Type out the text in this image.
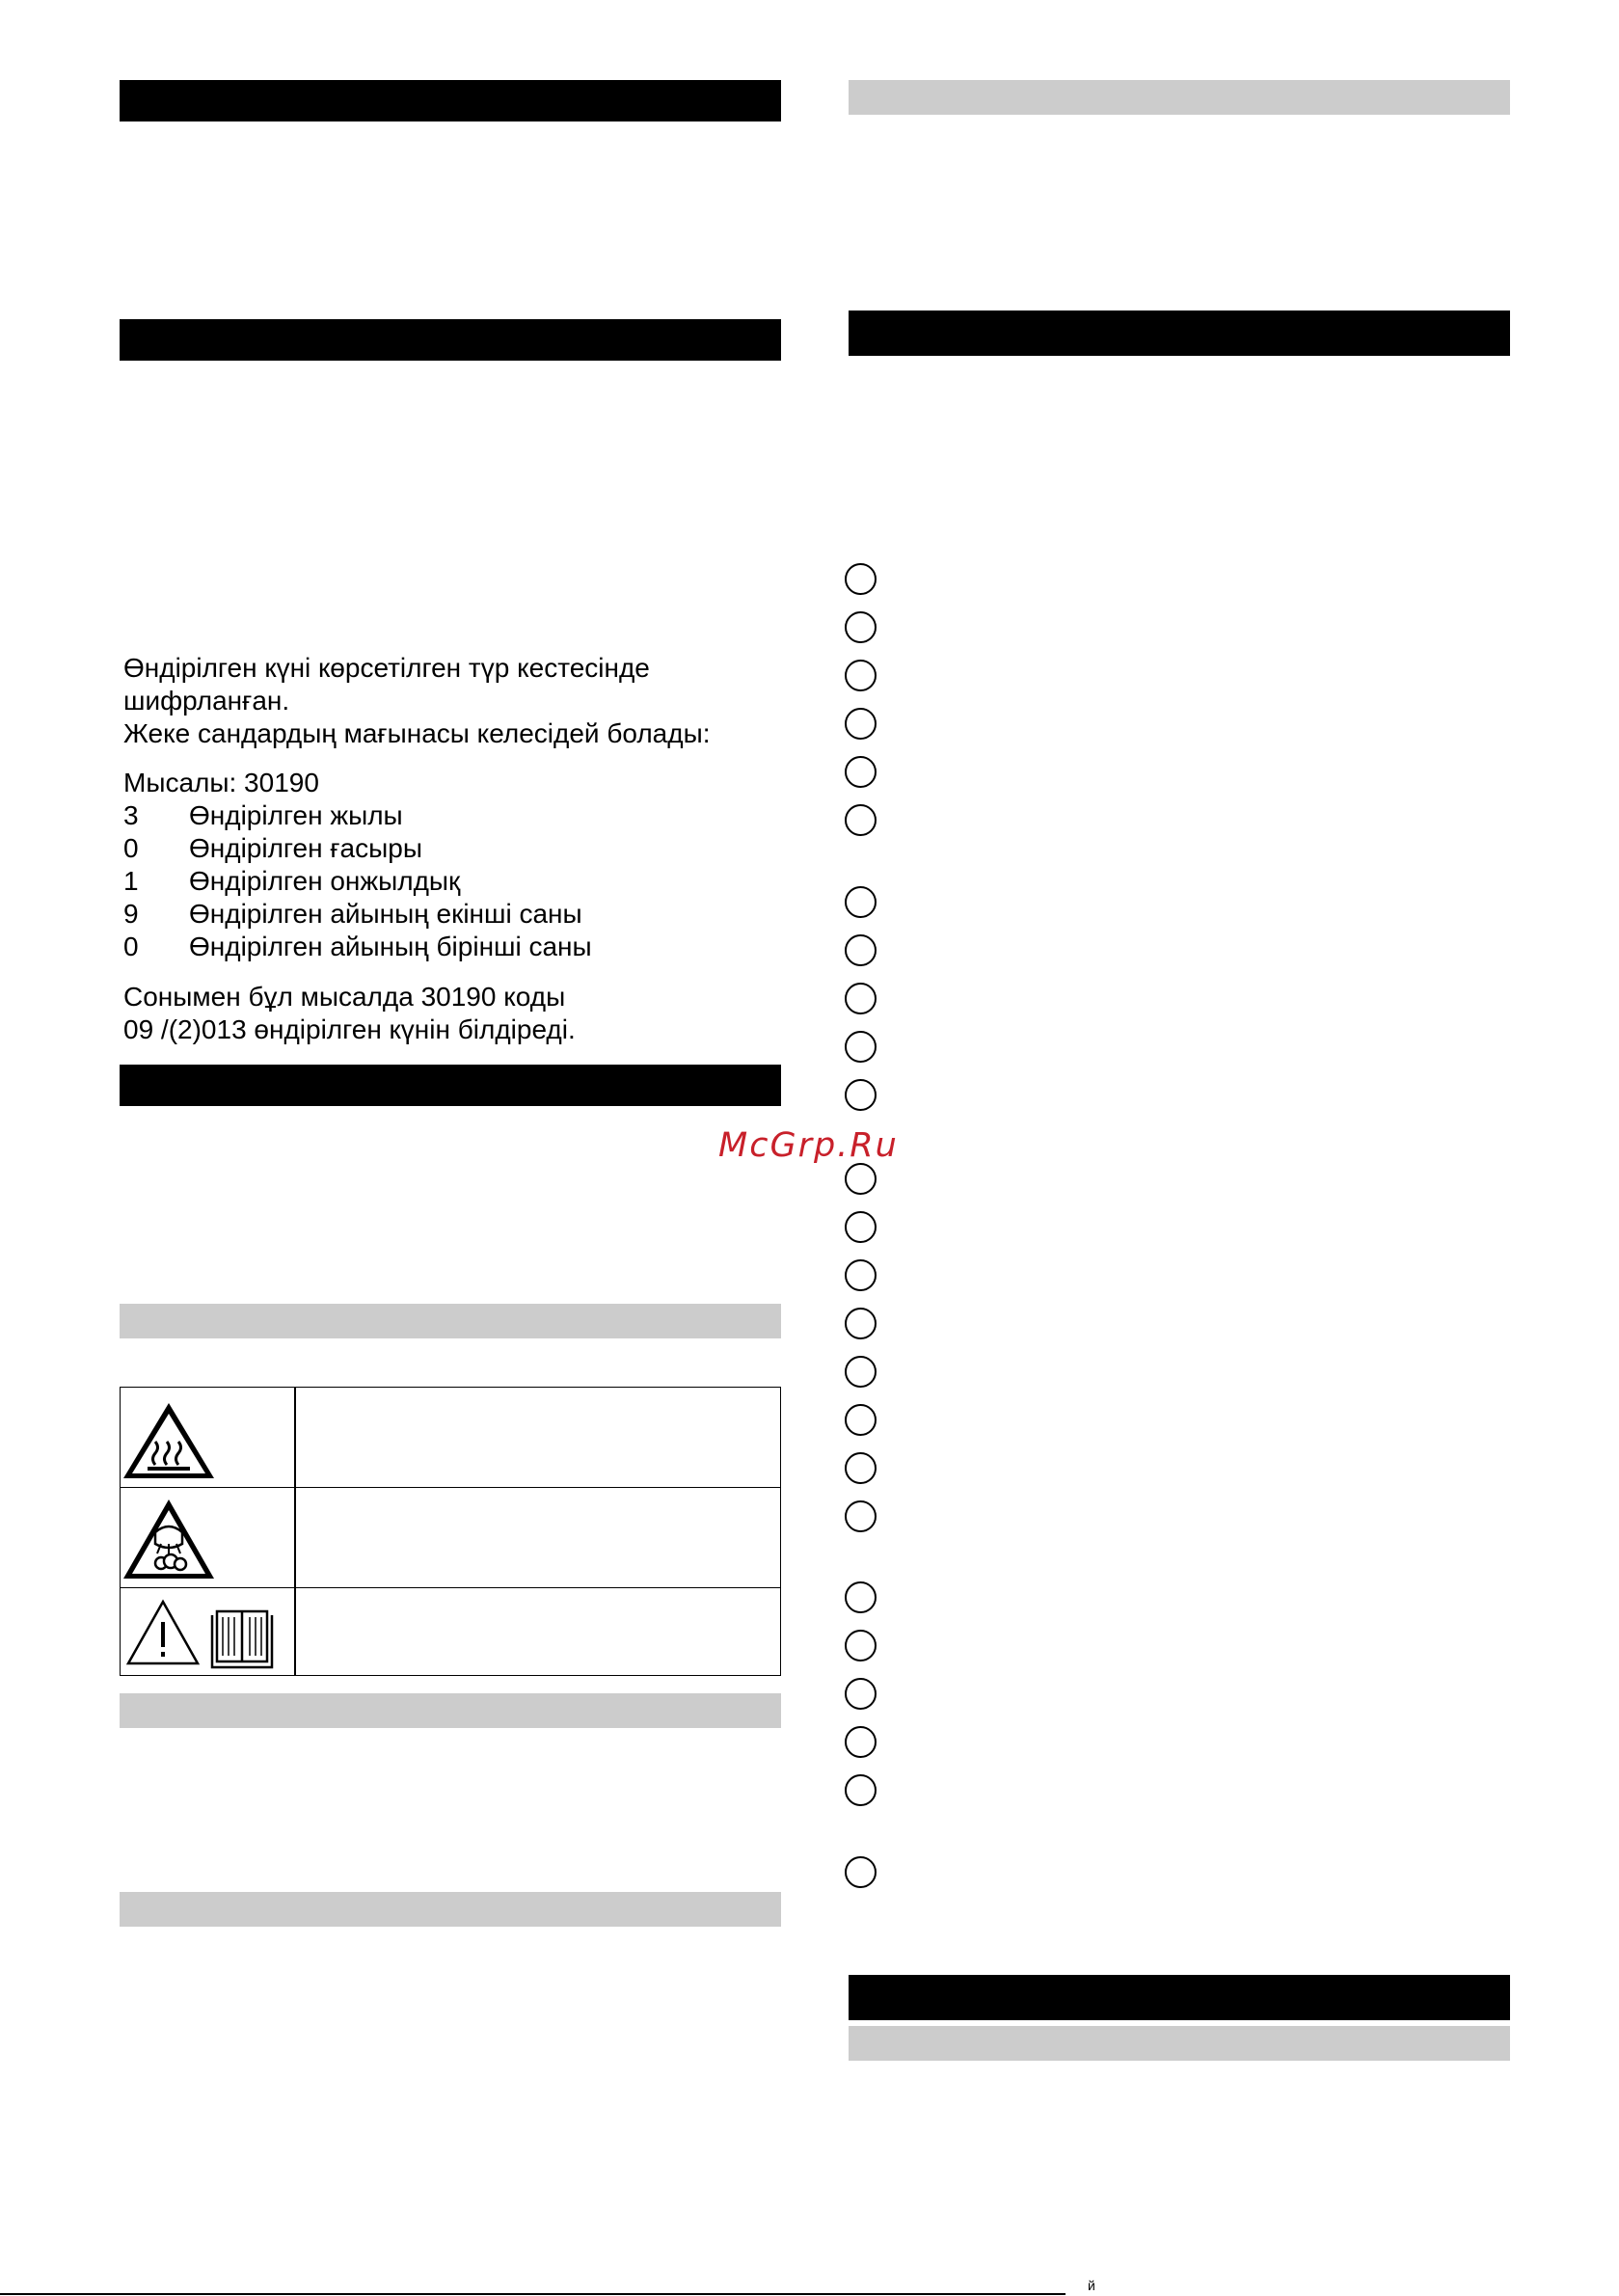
Өндірілген күні көрсетілген түр кестесінде

шифрланған.

Жеке сандардың мағынасы келесідей болады:

Мысалы: 30190
3	Өндірілген жылы
0	Өндірілген ғасыры
1	Өндірілген онжылдық
9	Өндірілген айының екінші саны
0	Өндірілген айының бірінші саны

Сонымен бұл мысалда 30190 коды

09 /(2)013 өндірілген күнін білдіреді.

McGrp.Ru
й
